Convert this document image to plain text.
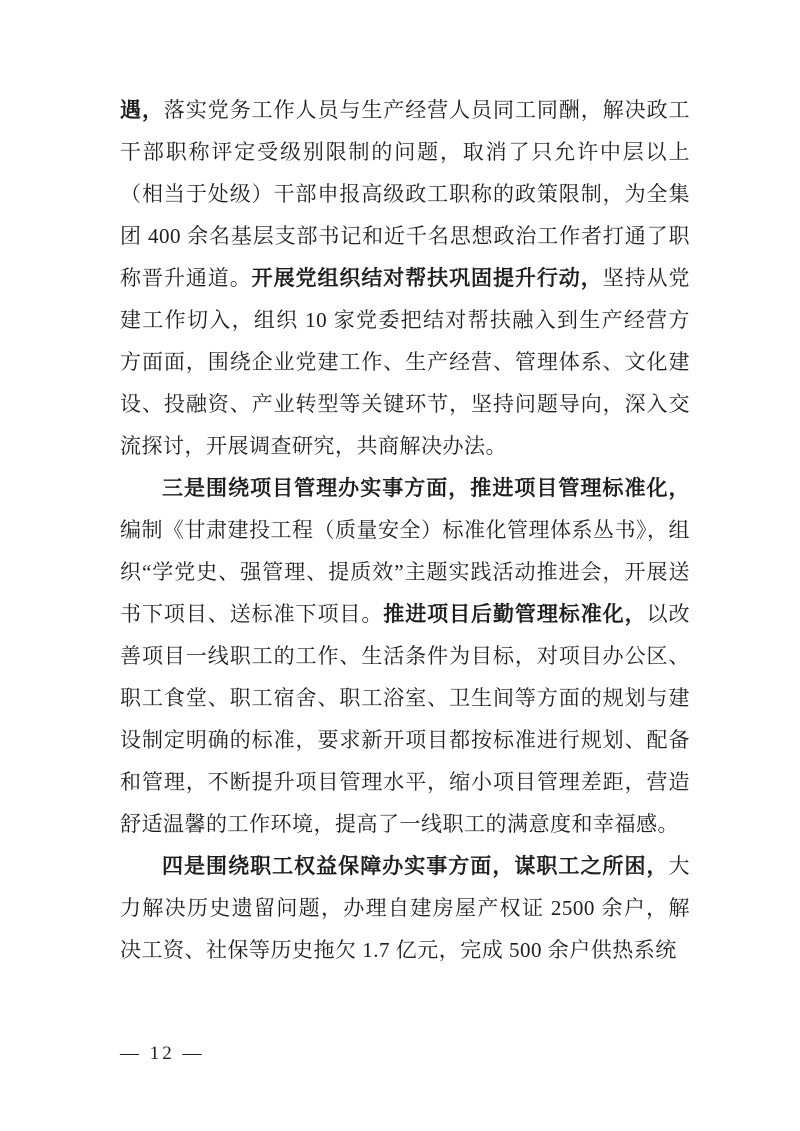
遇，落实党务工作人员与生产经营人员同工同酬，解决政工干部职称评定受级别限制的问题，取消了只允许中层以上（相当于处级）干部申报高级政工职称的政策限制，为全集团 400 余名基层支部书记和近千名思想政治工作者打通了职称晋升通道。开展党组织结对帮扶巩固提升行动，坚持从党建工作切入，组织 10 家党委把结对帮扶融入到生产经营方方面面，围绕企业党建工作、生产经营、管理体系、文化建设、投融资、产业转型等关键环节，坚持问题导向，深入交流探讨，开展调查研究，共商解决办法。

三是围绕项目管理办实事方面，推进项目管理标准化，编制《甘肃建投工程（质量安全）标准化管理体系丛书》，组织“学党史、强管理、提质效”主题实践活动推进会，开展送书下项目、送标准下项目。推进项目后勤管理标准化，以改善项目一线职工的工作、生活条件为目标，对项目办公区、职工食堂、职工宿舍、职工浴室、卫生间等方面的规划与建设制定明确的标准，要求新开项目都按标准进行规划、配备和管理，不断提升项目管理水平，缩小项目管理差距，营造舒适温馨的工作环境，提高了一线职工的满意度和幸福感。

四是围绕职工权益保障办实事方面，谋职工之所困，大力解决历史遗留问题，办理自建房屋产权证 2500 余户，解决工资、社保等历史拖欠 1.7 亿元，完成 500 余户供热系统

— 12 —
